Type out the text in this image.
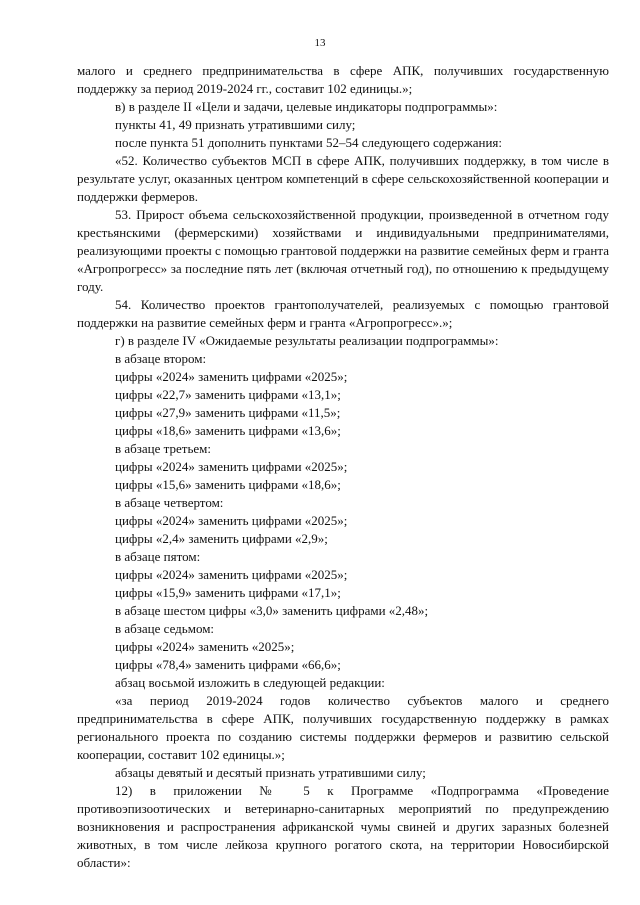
13

малого и среднего предпринимательства в сфере АПК, получивших государственную поддержку за период 2019-2024 гг., составит 102 единицы.»;

в) в разделе II «Цели и задачи, целевые индикаторы подпрограммы»:

пункты 41, 49 признать утратившими силу;

после пункта 51 дополнить пунктами 52–54 следующего содержания:

«52. Количество субъектов МСП в сфере АПК, получивших поддержку, в том числе в результате услуг, оказанных центром компетенций в сфере сельскохозяйственной кооперации и поддержки фермеров.

53. Прирост объема сельскохозяйственной продукции, произведенной в отчетном году крестьянскими (фермерскими) хозяйствами и индивидуальными предпринимателями, реализующими проекты с помощью грантовой поддержки на развитие семейных ферм и гранта «Агропрогресс» за последние пять лет (включая отчетный год), по отношению к предыдущему году.

54. Количество проектов грантополучателей, реализуемых с помощью грантовой поддержки на развитие семейных ферм и гранта «Агропрогресс».»;

г) в разделе IV «Ожидаемые результаты реализации подпрограммы»:

в абзаце втором:

цифры «2024» заменить цифрами «2025»;

цифры «22,7» заменить цифрами «13,1»;

цифры «27,9» заменить цифрами «11,5»;

цифры «18,6» заменить цифрами «13,6»;

в абзаце третьем:

цифры «2024» заменить цифрами «2025»;

цифры «15,6» заменить цифрами «18,6»;

в абзаце четвертом:

цифры «2024» заменить цифрами «2025»;

цифры «2,4» заменить цифрами «2,9»;

в абзаце пятом:

цифры «2024» заменить цифрами «2025»;

цифры «15,9» заменить цифрами «17,1»;

в абзаце шестом цифры «3,0» заменить цифрами «2,48»;

в абзаце седьмом:

цифры «2024» заменить «2025»;

цифры «78,4» заменить цифрами «66,6»;

абзац восьмой изложить в следующей редакции:

«за период 2019-2024 годов количество субъектов малого и среднего предпринимательства в сфере АПК, получивших государственную поддержку в рамках регионального проекта по созданию системы поддержки фермеров и развитию сельской кооперации, составит 102 единицы.»;

абзацы девятый и десятый признать утратившими силу;

12) в приложении № 5 к Программе «Подпрограмма «Проведение противоэпизоотических и ветеринарно-санитарных мероприятий по предупреждению возникновения и распространения африканской чумы свиней и других заразных болезней животных, в том числе лейкоза крупного рогатого скота, на территории Новосибирской области»:
